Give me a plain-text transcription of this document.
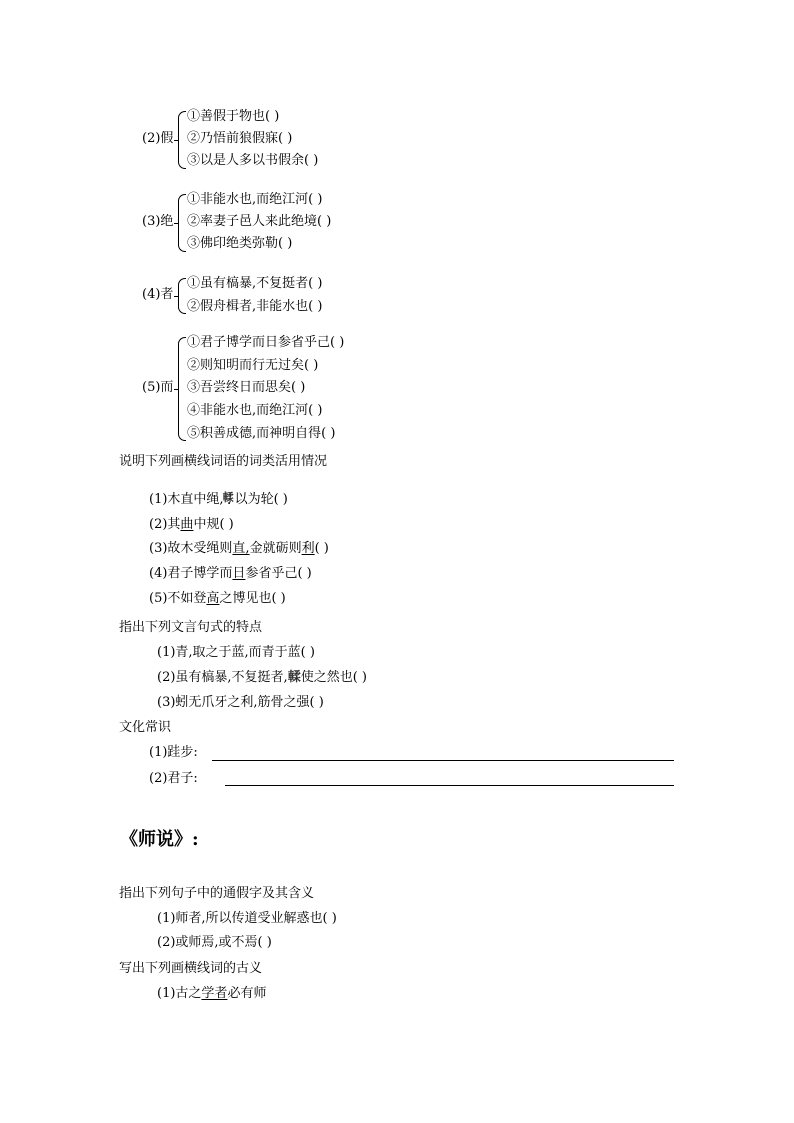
(2)假
①善假于物也( )
②乃悟前狼假寐( )
③以是人多以书假余( )
(3)绝
①非能水也,而绝江河( )
②率妻子邑人来此绝境( )
③佛印绝类弥勒( )
(4)者
①虽有槁暴,不复挺者( )
②假舟楫者,非能水也( )
(5)而
①君子博学而日参省乎己( )
②则知明而行无过矣( )
③吾尝终日而思矣( )
④非能水也,而绝江河( )
⑤积善成德,而神明自得( )
说明下列画横线词语的词类活用情况
(1)木直中绳, 輮 以为轮( )
(2)其曲中规( )
(3)故木受绳则直,金就砺则利( )
(4)君子博学而日参省乎己( )
(5)不如登高之博见也( )
指出下列文言句式的特点
(1)青,取之于蓝,而青于蓝( )
(2)虽有槁暴,不复挺者,輮使之然也( )
(3)蚓无爪牙之利,筋骨之强( )
文化常识
(1)跬步:
(2)君子:
《师说》:
指出下列句子中的通假字及其含义
(1)师者,所以传道受业解惑也( )
(2)或师焉,或不焉( )
写出下列画横线词的古义
(1)古之学者必有师
